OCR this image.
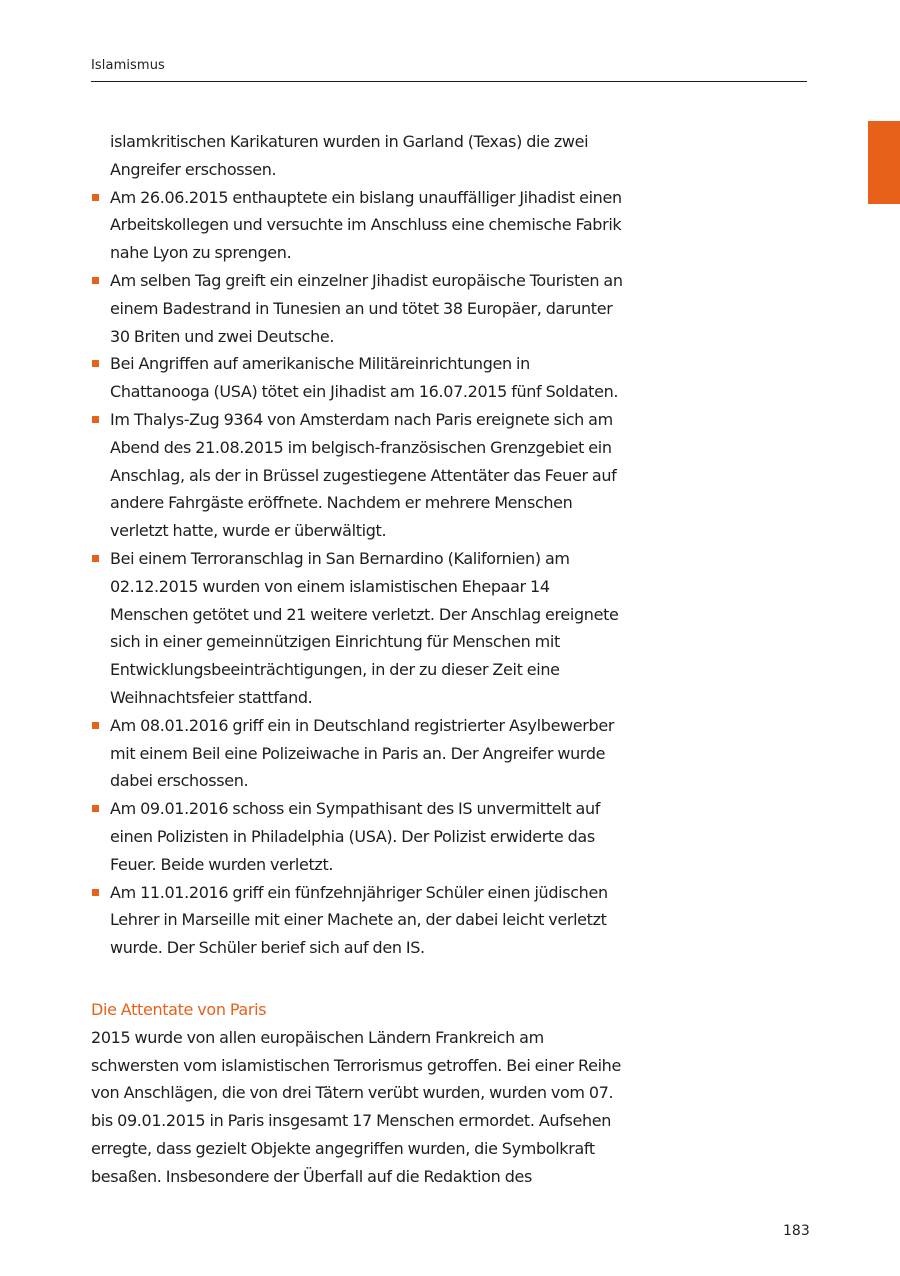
Islamismus

islamkritischen Karikaturen wurden in Garland (Texas) die zwei Angreifer erschossen.

Am 26.06.2015 enthauptete ein bislang unauffälliger Jihadist einen Arbeitskollegen und versuchte im Anschluss eine chemische Fabrik nahe Lyon zu sprengen.
Am selben Tag greift ein einzelner Jihadist europäische Touristen an einem Badestrand in Tunesien an und tötet 38 Europäer, darunter 30 Briten und zwei Deutsche.
Bei Angriffen auf amerikanische Militäreinrichtungen in Chattanooga (USA) tötet ein Jihadist am 16.07.2015 fünf Soldaten.
Im Thalys-Zug 9364 von Amsterdam nach Paris ereignete sich am Abend des 21.08.2015 im belgisch-französischen Grenzgebiet ein Anschlag, als der in Brüssel zugestiegene Attentäter das Feuer auf andere Fahrgäste eröffnete. Nachdem er mehrere Menschen verletzt hatte, wurde er überwältigt.
Bei einem Terroranschlag in San Bernardino (Kalifornien) am 02.12.2015 wurden von einem islamistischen Ehepaar 14 Menschen getötet und 21 weitere verletzt. Der Anschlag ereignete sich in einer gemeinnützigen Einrichtung für Menschen mit Entwicklungsbeeinträchtigungen, in der zu dieser Zeit eine Weihnachtsfeier stattfand.
Am 08.01.2016 griff ein in Deutschland registrierter Asylbewerber mit einem Beil eine Polizeiwache in Paris an. Der Angreifer wurde dabei erschossen.
Am 09.01.2016 schoss ein Sympathisant des IS unvermittelt auf einen Polizisten in Philadelphia (USA). Der Polizist erwiderte das Feuer. Beide wurden verletzt.
Am 11.01.2016 griff ein fünfzehnjähriger Schüler einen jüdischen Lehrer in Marseille mit einer Machete an, der dabei leicht verletzt wurde. Der Schüler berief sich auf den IS.
Die Attentate von Paris

2015 wurde von allen europäischen Ländern Frankreich am schwersten vom islamistischen Terrorismus getroffen. Bei einer Reihe von Anschlägen, die von drei Tätern verübt wurden, wurden vom 07. bis 09.01.2015 in Paris insgesamt 17 Menschen ermordet. Aufsehen erregte, dass gezielt Objekte angegriffen wurden, die Symbolkraft besaßen. Insbesondere der Überfall auf die Redaktion des

183
